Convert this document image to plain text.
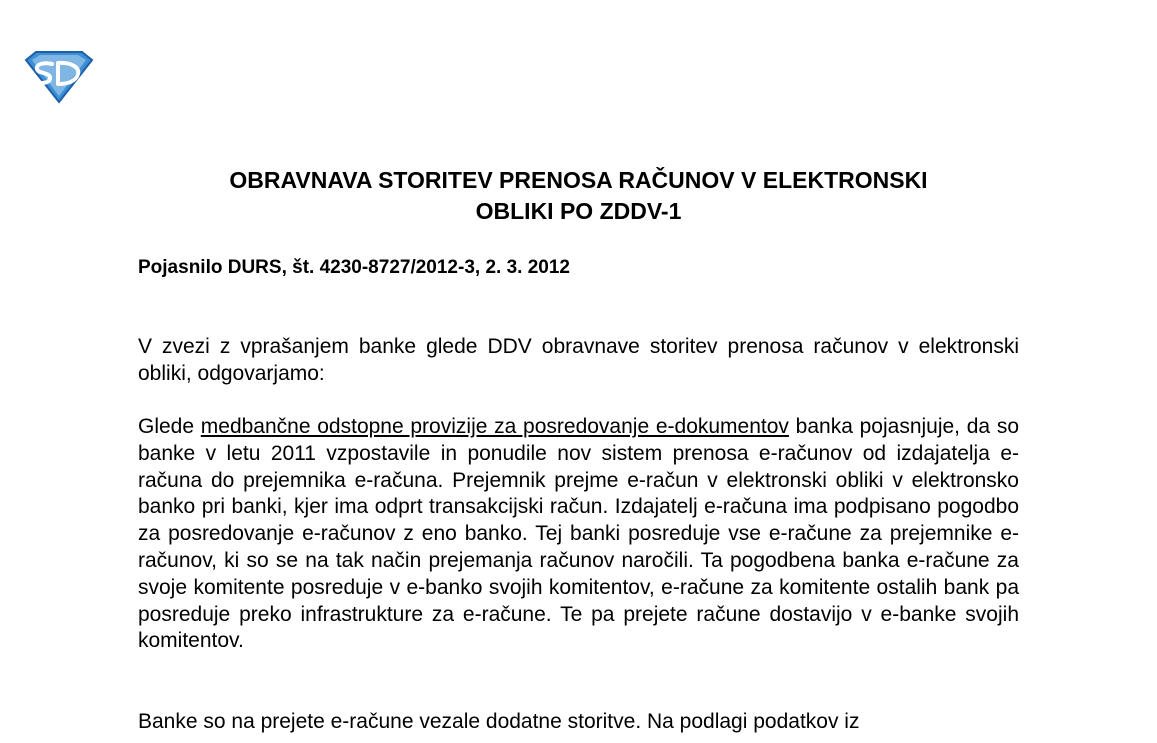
OBRAVNAVA STORITEV PRENOSA RAČUNOV V ELEKTRONSKI
OBLIKI PO ZDDV-1
Pojasnilo DURS, št. 4230-8727/2012-3, 2. 3. 2012

V zvezi z vprašanjem banke glede DDV obravnave storitev prenosa računov v elektronski obliki, odgovarjamo:

Glede medbančne odstopne provizije za posredovanje e-dokumentov banka pojasnjuje, da so banke v letu 2011 vzpostavile in ponudile nov sistem prenosa e-računov od izdajatelja e-računa do prejemnika e-računa. Prejemnik prejme e-račun v elektronski obliki v elektronsko banko pri banki, kjer ima odprt transakcijski račun. Izdajatelj e-računa ima podpisano pogodbo za posredovanje e-računov z eno banko. Tej banki posreduje vse e-račune za prejemnike e-računov, ki so se na tak način prejemanja računov naročili. Ta pogodbena banka e-račune za svoje komitente posreduje v e-banko svojih komitentov, e-račune za komitente ostalih bank pa posreduje preko infrastrukture za e-račune. Te pa prejete račune dostavijo v e-banke svojih komitentov.

Banke so na prejete e-račune vezale dodatne storitve. Na podlagi podatkov iz
